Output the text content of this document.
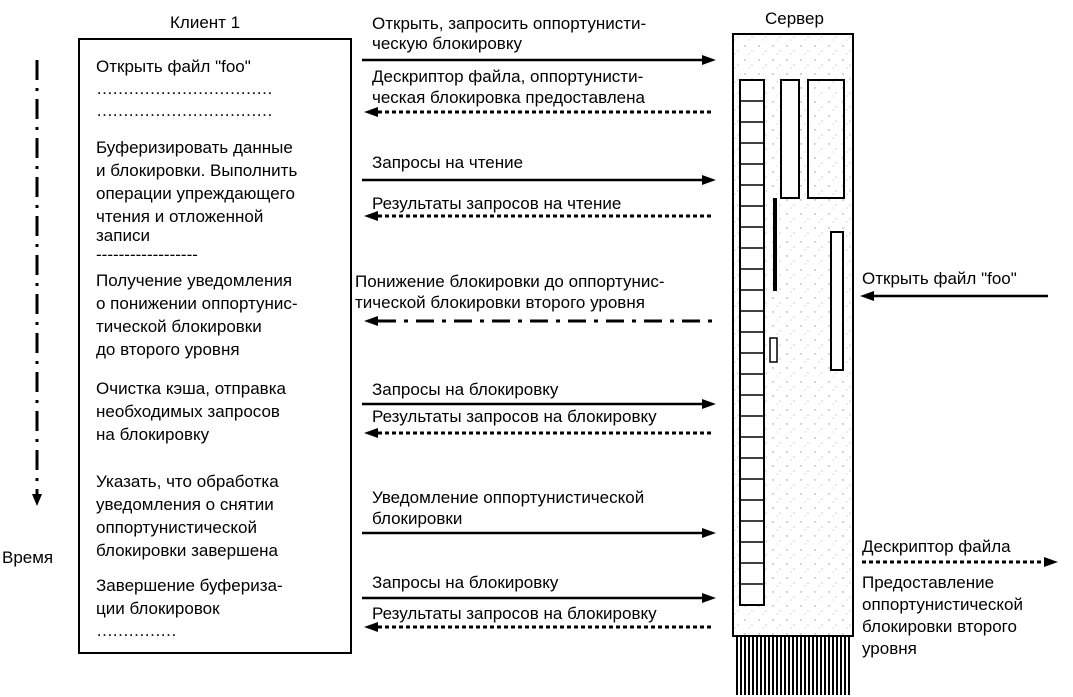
Клиент 1
Открыть файл "foo"
……………………………
……………………………
Буферизировать данные
и блокировки. Выполнить
операции упреждающего
чтения и отложенной
записи
------------------
Получение уведомления
о понижении оппортунис-
тической блокировки
до второго уровня
Очистка кэша, отправка
необходимых запросов
на блокировку
Указать, что обработка
уведомления о снятии
оппортунистической
блокировки завершена
Завершение буфериза-
ции блокировок
……………
Время
Открыть, запросить оппортунисти-
ческую блокировку
Дескриптор файла, оппортунисти-
ческая блокировка предоставлена
Запросы на чтение
Результаты запросов на чтение
Понижение блокировки до оппортунис-
тической блокировки второго уровня
Запросы на блокировку
Результаты запросов на блокировку
Уведомление оппортунистической
блокировки
Запросы на блокировку
Результаты запросов на блокировку
Сервер
Открыть файл "foo"
Дескриптор файла
Предоставление
оппортунистической
блокировки второго
уровня
